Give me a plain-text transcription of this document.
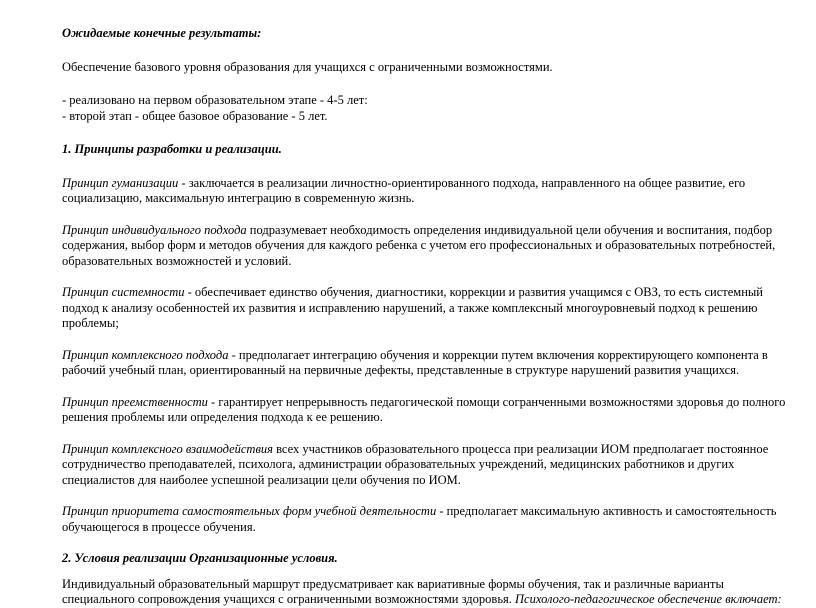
Ожидаемые конечные результаты:

Обеспечение базового уровня образования для учащихся с ограниченными возможностями.

- реализовано на первом образовательном этапе - 4-5 лет:

- второй этап - общее базовое образование - 5 лет.

1. Принципы разработки и реализации.

Принцип гуманизации - заключается в реализации личностно-ориентированного подхода, направленного на общее развитие, его социализацию, максимальную интеграцию в современную жизнь.

Принцип индивидуального подхода подразумевает необходимость определения индивидуальной цели обучения и воспитания, подбор содержания, выбор форм и методов обучения для каждого ребенка с учетом его профессиональных и образовательных потребностей, образовательных возможностей и условий.

Принцип системности - обеспечивает единство обучения, диагностики, коррекции и развития учащимся с ОВЗ, то есть системный подход к анализу особенностей их развития и исправлению нарушений, а также комплексный многоуровневый подход к решению проблемы;

Принцип комплексного подхода - предполагает интеграцию обучения и коррекции путем включения корректирующего компонента в рабочий учебный план, ориентированный на первичные дефекты, представленные в структуре нарушений развития учащихся.

Принцип преемственности - гарантирует непрерывность педагогической помощи согранченными возможностями здоровья до полного решения проблемы или определения подхода к ее решению.

Принцип комплексного взаимодействия всех участников образовательного процесса при реализации ИОМ предполагает постоянное сотрудничество преподавателей, психолога, администрации образовательных учреждений, медицинских работников и других специалистов для наиболее успешной реализации цели обучения по ИОМ.

Принцип приоритета самостоятельных форм учебной деятельности - предполагает максимальную активность и самостоятельность обучающегося в процессе обучения.

2. Условия реализации Организационные условия.

Индивидуальный образовательный маршрут предусматривает как вариативные формы обучения, так и различные варианты специального сопровождения учащихся с ограниченными возможностями здоровья. Психолого-педагогическое обеспечение включает:
